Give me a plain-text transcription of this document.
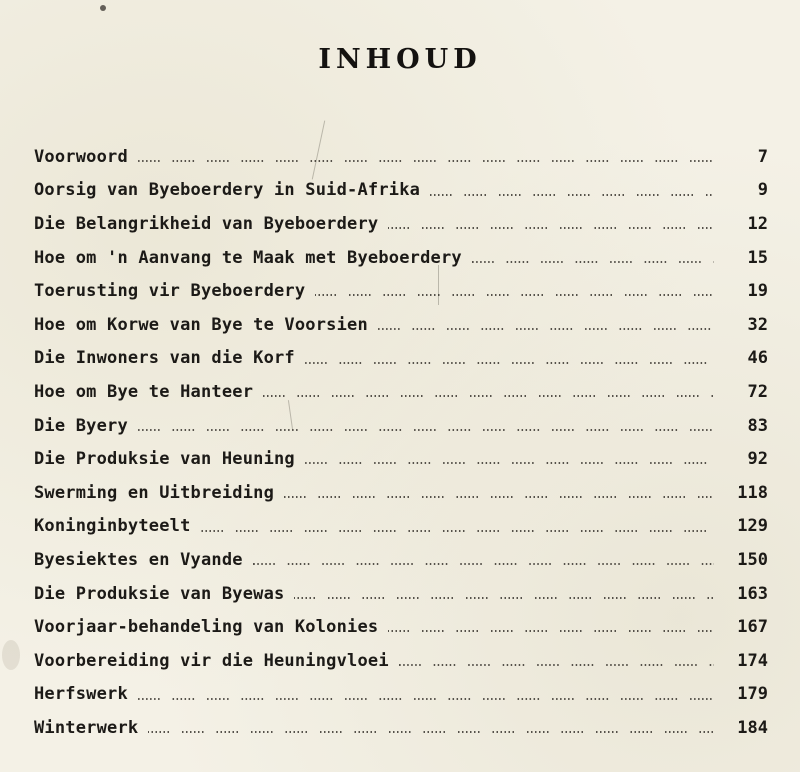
INHOUD
Voorwoord	7
Oorsig van Byeboerdery in Suid-Afrika	9
Die Belangrikheid van Byeboerdery	12
Hoe om 'n Aanvang te Maak met Byeboerdery	15
Toerusting vir Byeboerdery	19
Hoe om Korwe van Bye te Voorsien	32
Die Inwoners van die Korf	46
Hoe om Bye te Hanteer	72
Die Byery	83
Die Produksie van Heuning	92
Swerming en Uitbreiding	118
Koninginbyteelt	129
Byesiektes en Vyande	150
Die Produksie van Byewas	163
Voorjaar-behandeling van Kolonies	167
Voorbereiding vir die Heuningvloei	174
Herfswerk	179
Winterwerk	184
